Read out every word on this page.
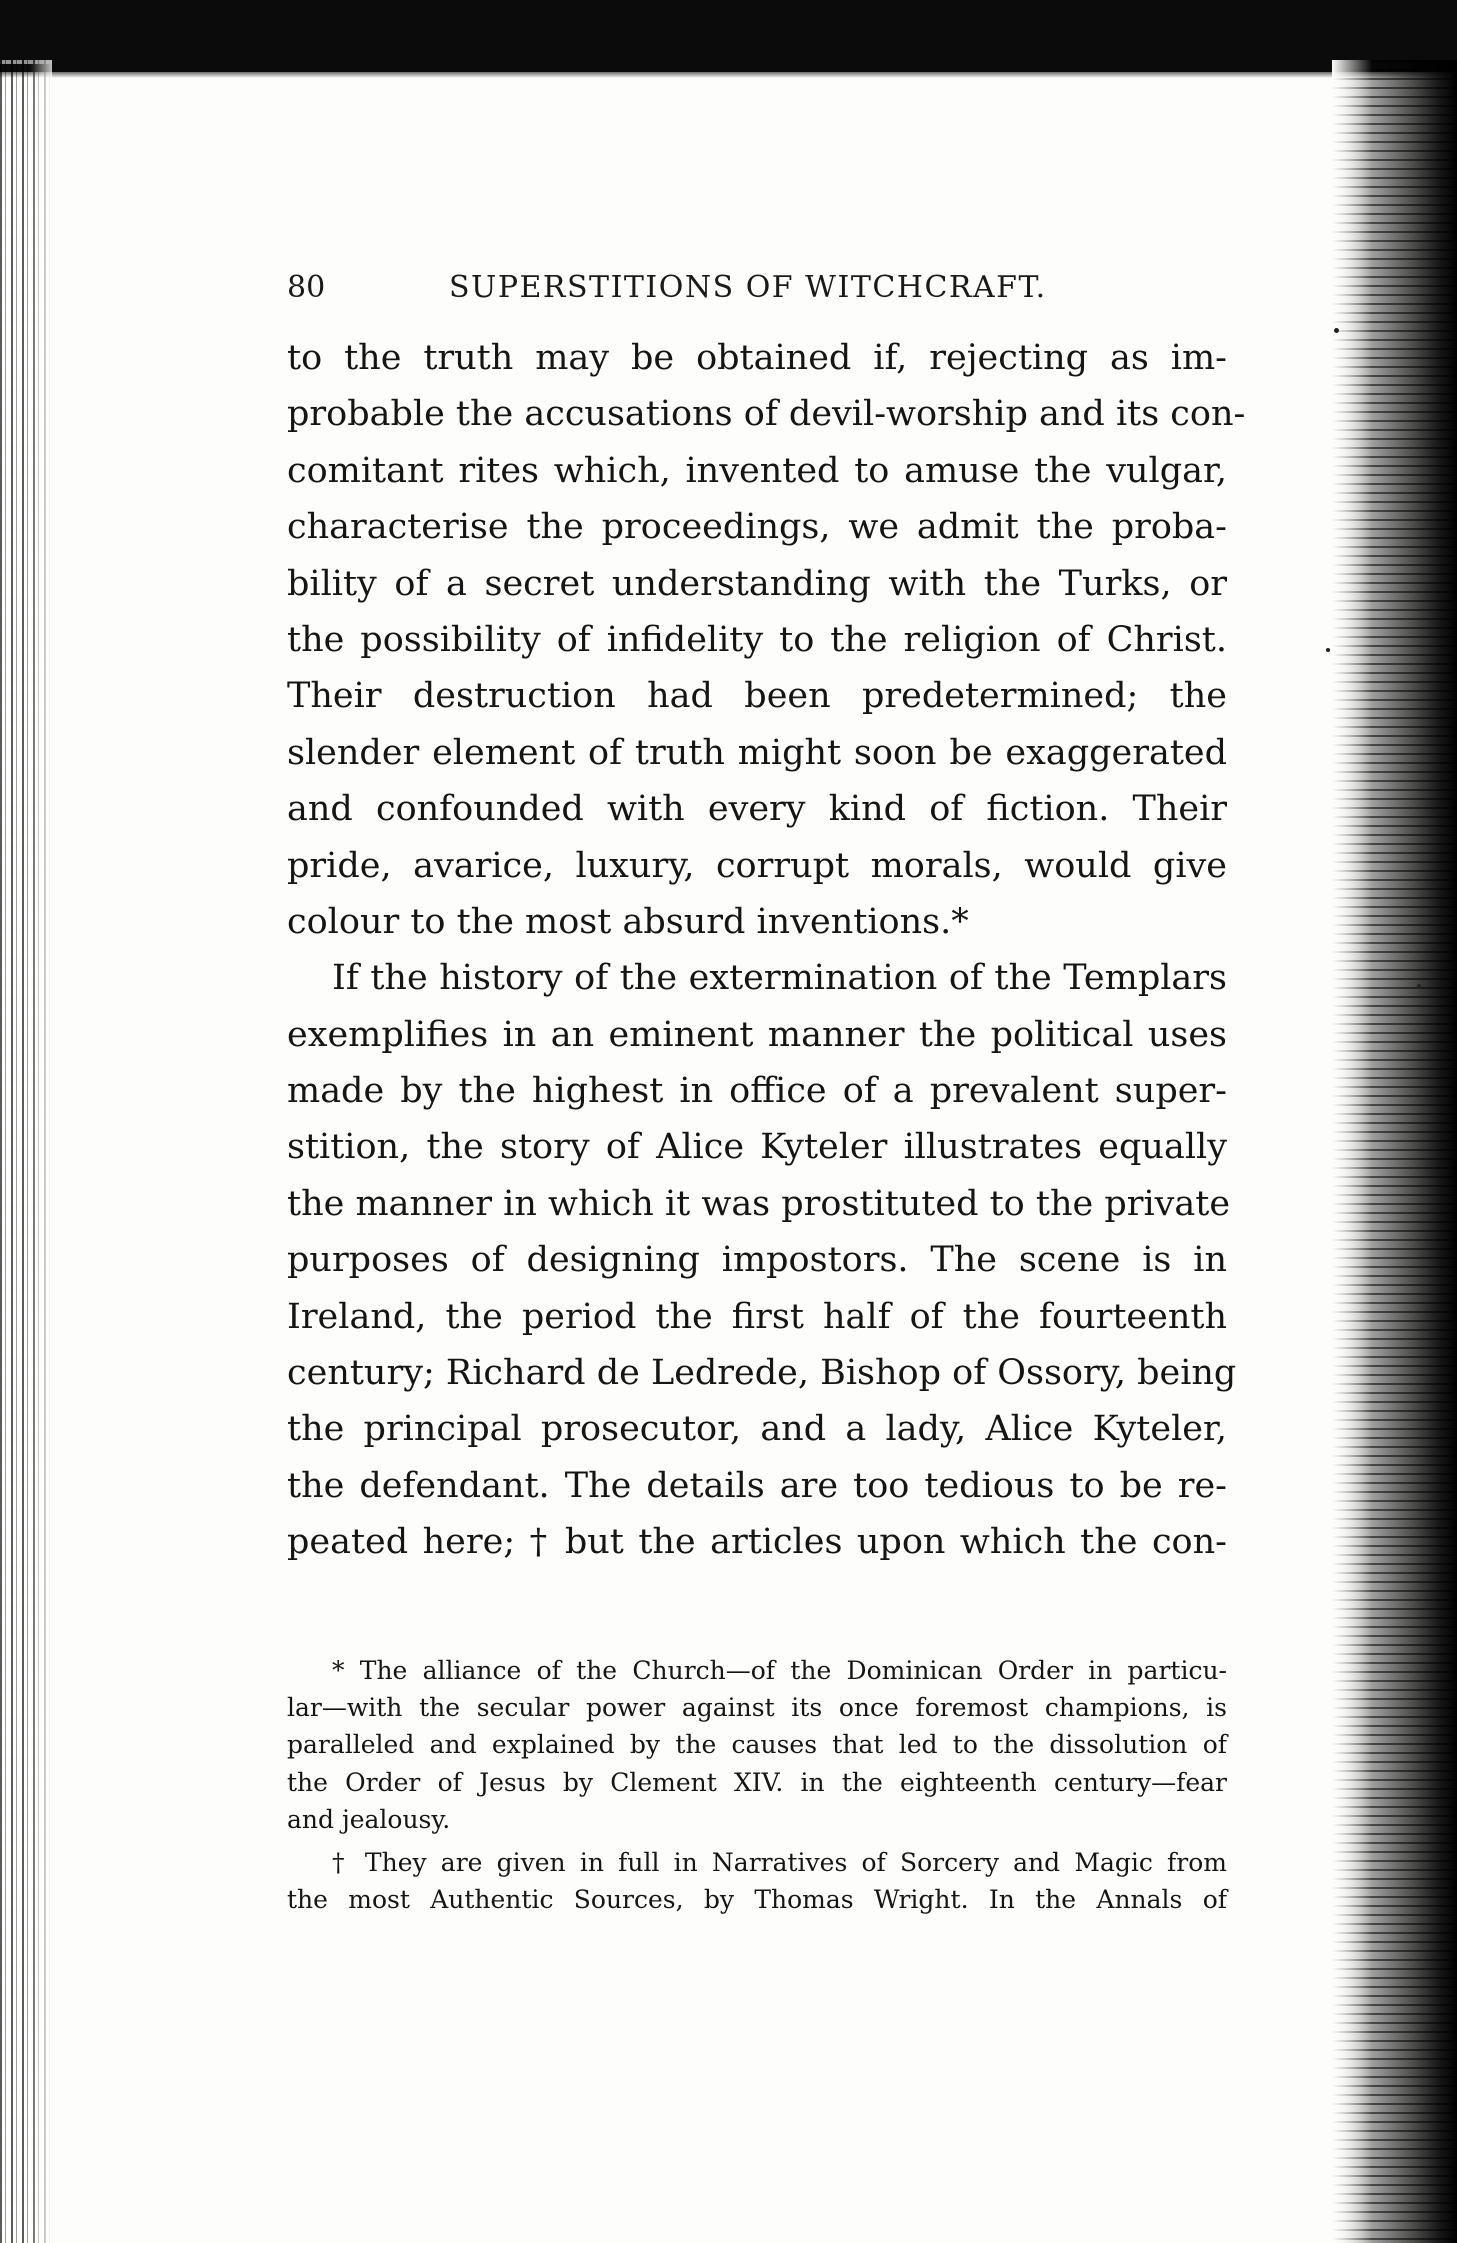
80	SUPERSTITIONS OF WITCHCRAFT.
to the truth may be obtained if, rejecting as im-
probable the accusations of devil-worship and its con-
comitant rites which, invented to amuse the vulgar,
characterise the proceedings, we admit the proba-
bility of a secret understanding with the Turks, or
the possibility of infidelity to the religion of Christ.
Their destruction had been predetermined; the
slender element of truth might soon be exaggerated
and confounded with every kind of fiction. Their
pride, avarice, luxury, corrupt morals, would give
colour to the most absurd inventions.*
If the history of the extermination of the Templars
exemplifies in an eminent manner the political uses
made by the highest in office of a prevalent super-
stition, the story of Alice Kyteler illustrates equally
the manner in which it was prostituted to the private
purposes of designing impostors. The scene is in
Ireland, the period the first half of the fourteenth
century; Richard de Ledrede, Bishop of Ossory, being
the principal prosecutor, and a lady, Alice Kyteler,
the defendant. The details are too tedious to be re-
peated here; † but the articles upon which the con-
* The alliance of the Church—of the Dominican Order in particu-
lar—with the secular power against its once foremost champions, is
paralleled and explained by the causes that led to the dissolution of
the Order of Jesus by Clement XIV. in the eighteenth century—fear
and jealousy.
† They are given in full in Narratives of Sorcery and Magic from
the most Authentic Sources, by Thomas Wright. In the Annals of
